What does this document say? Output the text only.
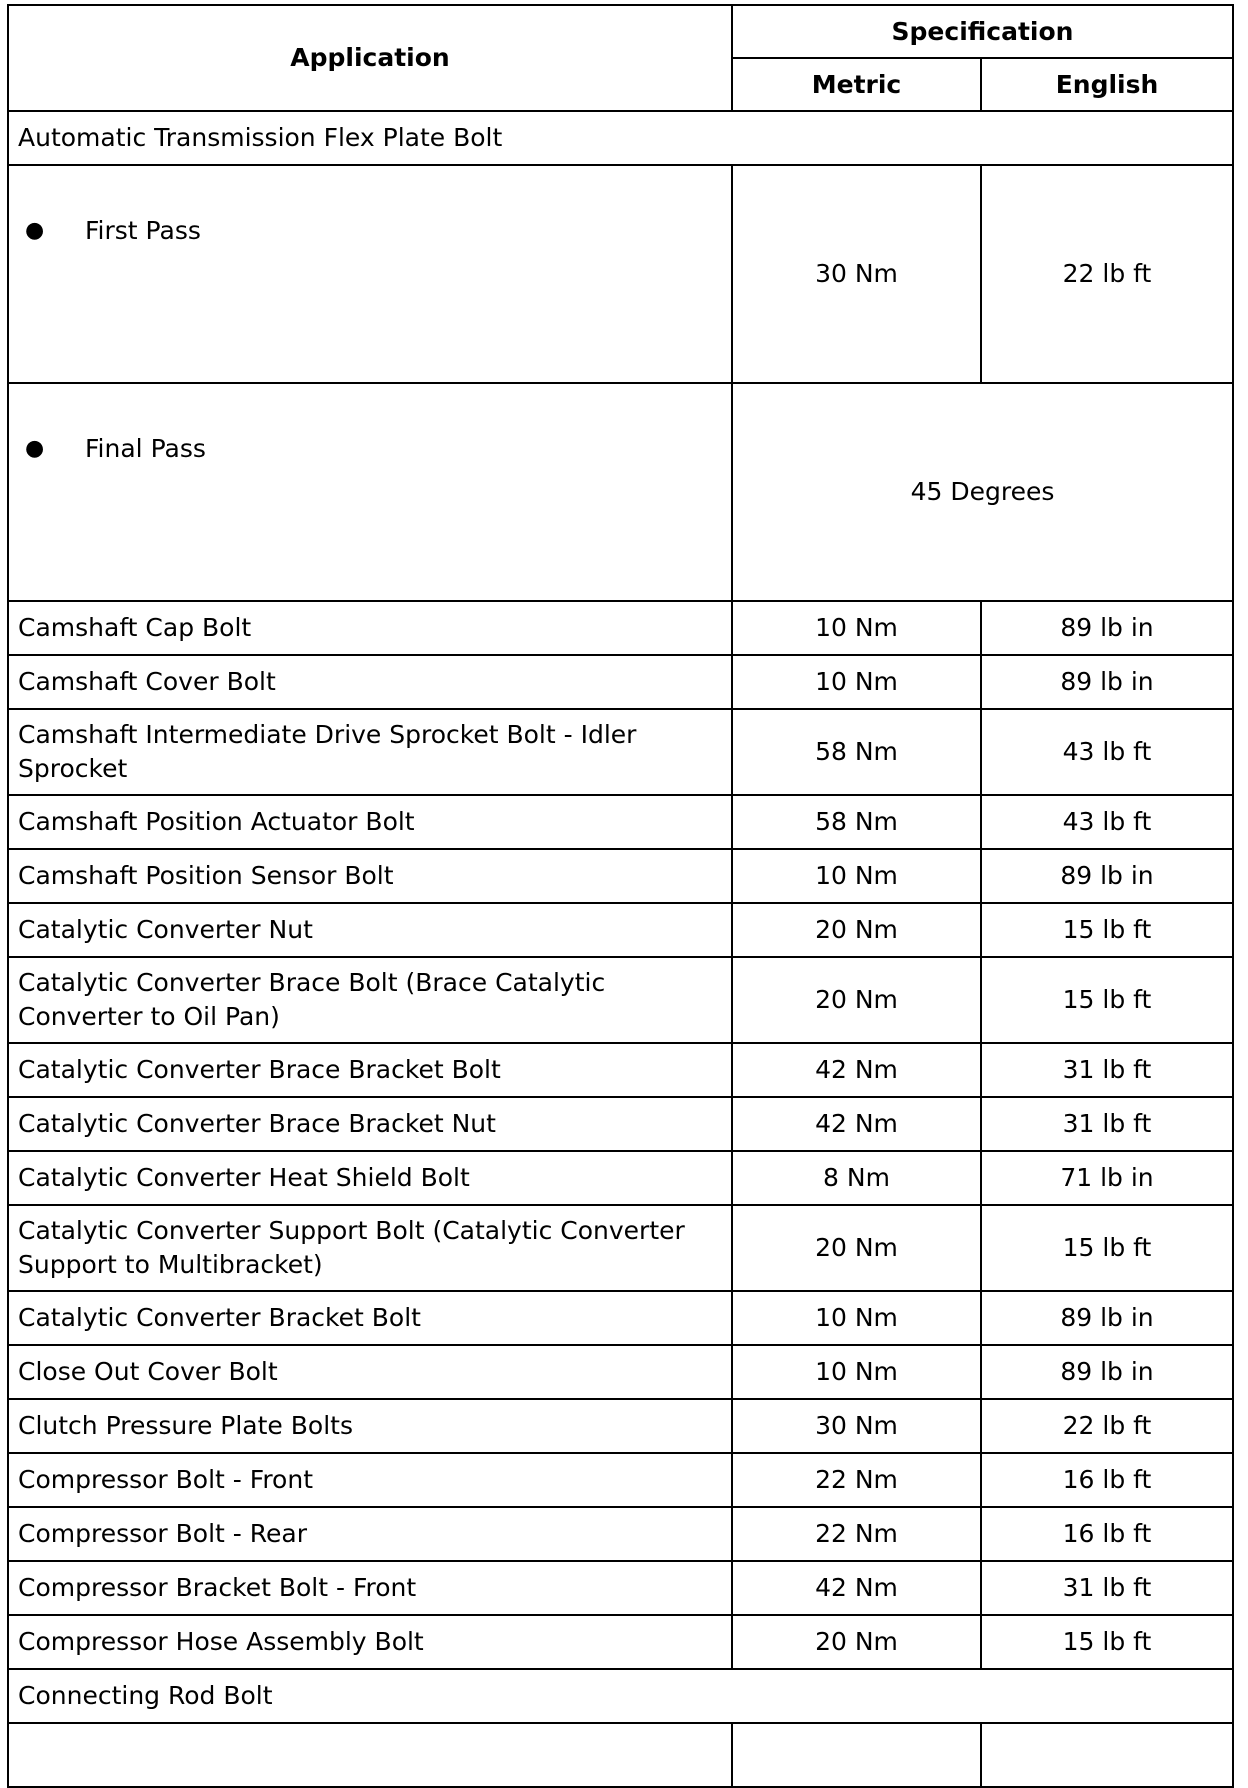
Application	Specification	
	Metric	English
Automatic Transmission Flex Plate Bolt		

● First Pass	30 Nm	22 lb ft

● Final Pass	45 Degrees	
Camshaft Cap Bolt	10 Nm	89 lb in
Camshaft Cover Bolt	10 Nm	89 lb in
Camshaft Intermediate Drive Sprocket Bolt - Idler Sprocket	58 Nm	43 lb ft
Camshaft Position Actuator Bolt	58 Nm	43 lb ft
Camshaft Position Sensor Bolt	10 Nm	89 lb in
Catalytic Converter Nut	20 Nm	15 lb ft
Catalytic Converter Brace Bolt (Brace Catalytic Converter to Oil Pan)	20 Nm	15 lb ft
Catalytic Converter Brace Bracket Bolt	42 Nm	31 lb ft
Catalytic Converter Brace Bracket Nut	42 Nm	31 lb ft
Catalytic Converter Heat Shield Bolt	8 Nm	71 lb in
Catalytic Converter Support Bolt (Catalytic Converter Support to Multibracket)	20 Nm	15 lb ft
Catalytic Converter Bracket Bolt	10 Nm	89 lb in
Close Out Cover Bolt	10 Nm	89 lb in
Clutch Pressure Plate Bolts	30 Nm	22 lb ft
Compressor Bolt - Front	22 Nm	16 lb ft
Compressor Bolt - Rear	22 Nm	16 lb ft
Compressor Bracket Bolt - Front	42 Nm	31 lb ft
Compressor Hose Assembly Bolt	20 Nm	15 lb ft
Connecting Rod Bolt		
